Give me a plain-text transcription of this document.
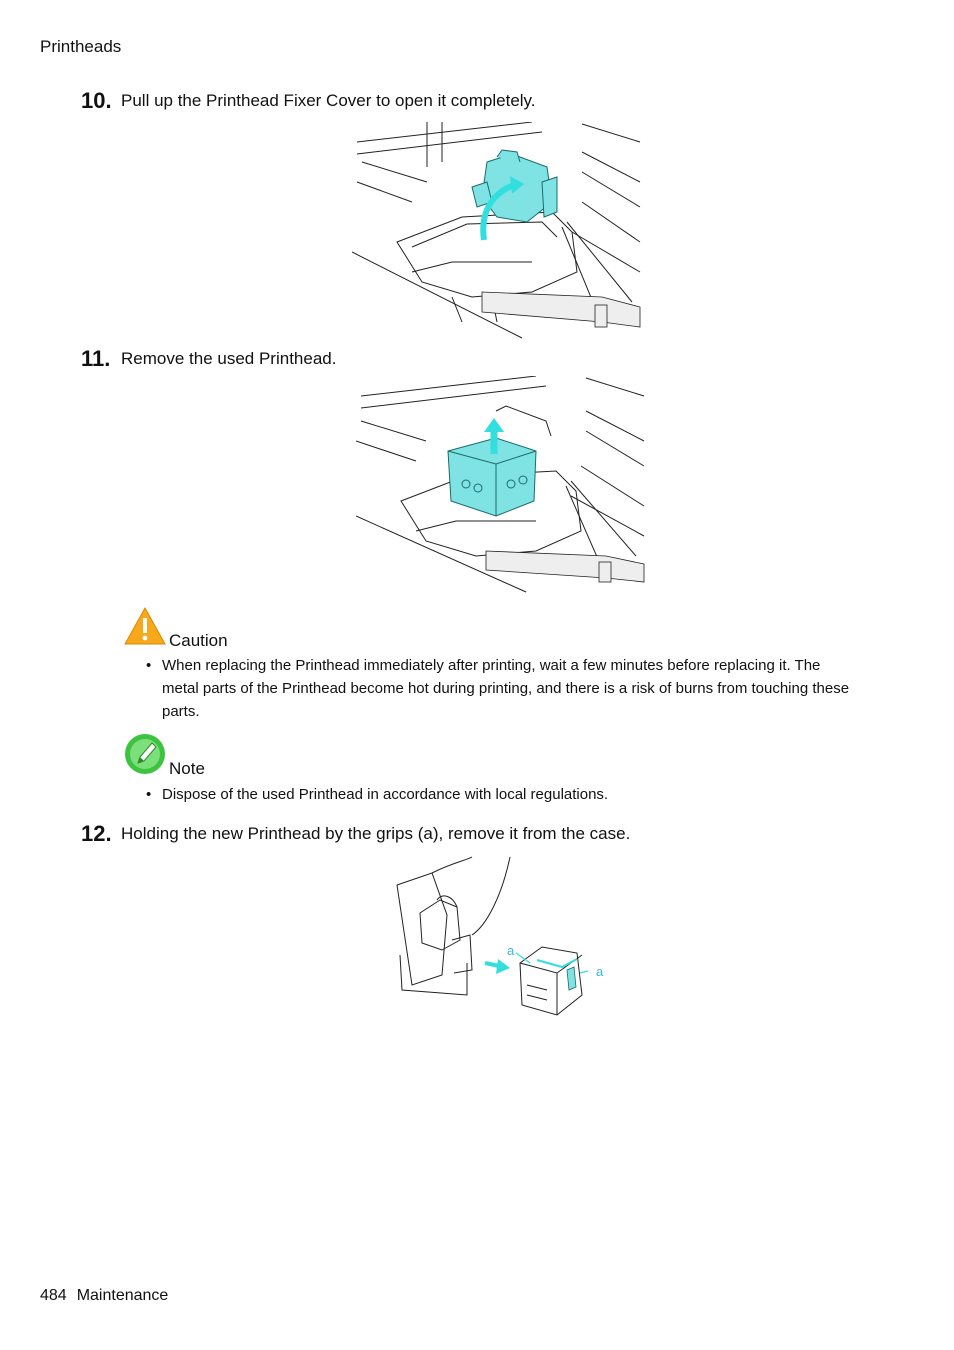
Printheads
10. Pull up the Printhead Fixer Cover to open it completely.
11. Remove the used Printhead.
Caution
• When replacing the Printhead immediately after printing, wait a few minutes before replacing it. The metal parts of the Printhead become hot during printing, and there is a risk of burns from touching these parts.
Note
• Dispose of the used Printhead in accordance with local regulations.
12. Holding the new Printhead by the grips (a), remove it from the case.
a
a
484 Maintenance
